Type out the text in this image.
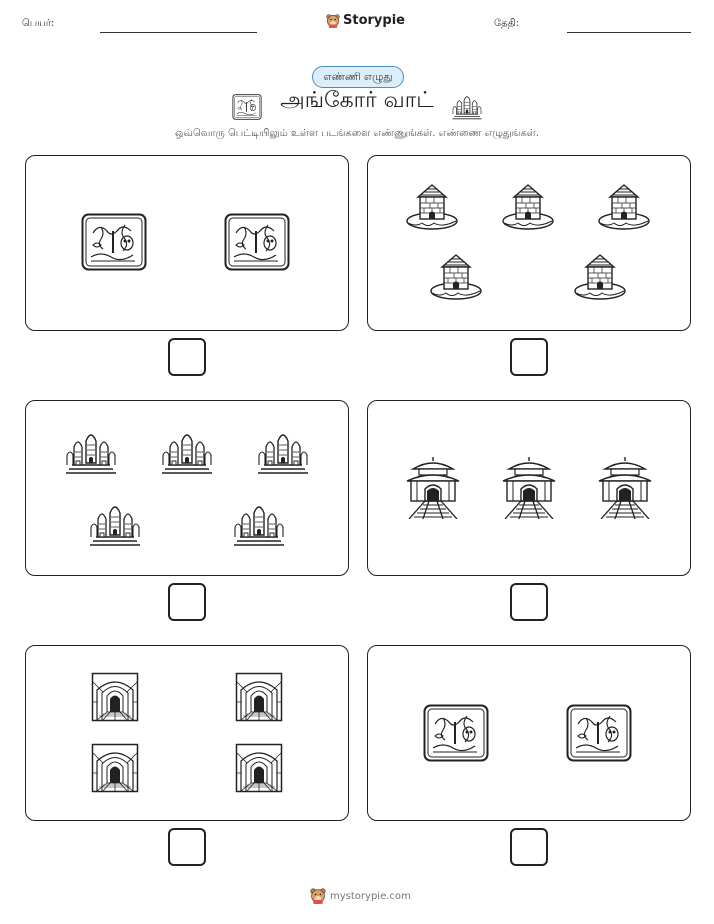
பெயர்:	Storypie	தேதி:
எண்ணி எழுது
அங்கோர் வாட்
ஒவ்வொரு பெட்டியிலும் உள்ள படங்களை எண்ணுங்கள். எண்ணை எழுதுங்கள்.
mystorypie.com
